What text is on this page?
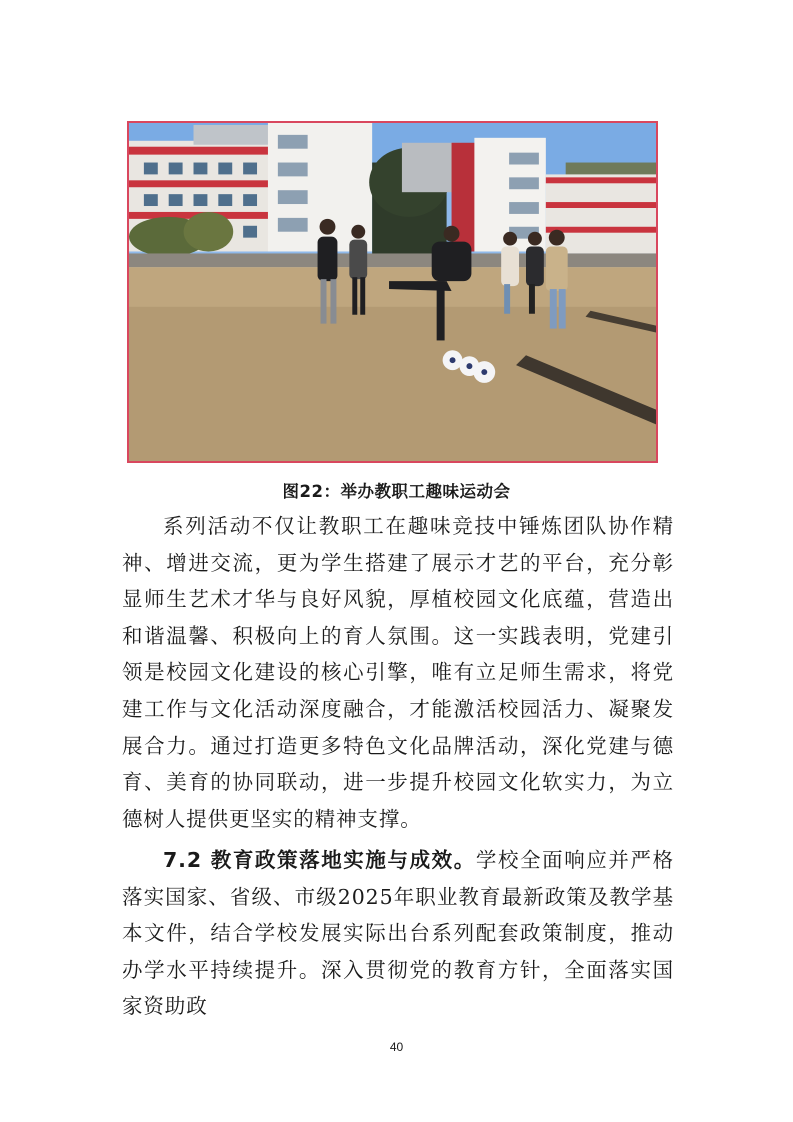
图22：举办教职工趣味运动会

系列活动不仅让教职工在趣味竞技中锤炼团队协作精神、增进交流，更为学生搭建了展示才艺的平台，充分彰显师生艺术才华与良好风貌，厚植校园文化底蕴，营造出和谐温馨、积极向上的育人氛围。这一实践表明，党建引领是校园文化建设的核心引擎，唯有立足师生需求，将党建工作与文化活动深度融合，才能激活校园活力、凝聚发展合力。通过打造更多特色文化品牌活动，深化党建与德育、美育的协同联动，进一步提升校园文化软实力，为立德树人提供更坚实的精神支撑。

7.2 教育政策落地实施与成效。学校全面响应并严格落实国家、省级、市级2025年职业教育最新政策及教学基本文件，结合学校发展实际出台系列配套政策制度，推动办学水平持续提升。深入贯彻党的教育方针，全面落实国家资助政

40
